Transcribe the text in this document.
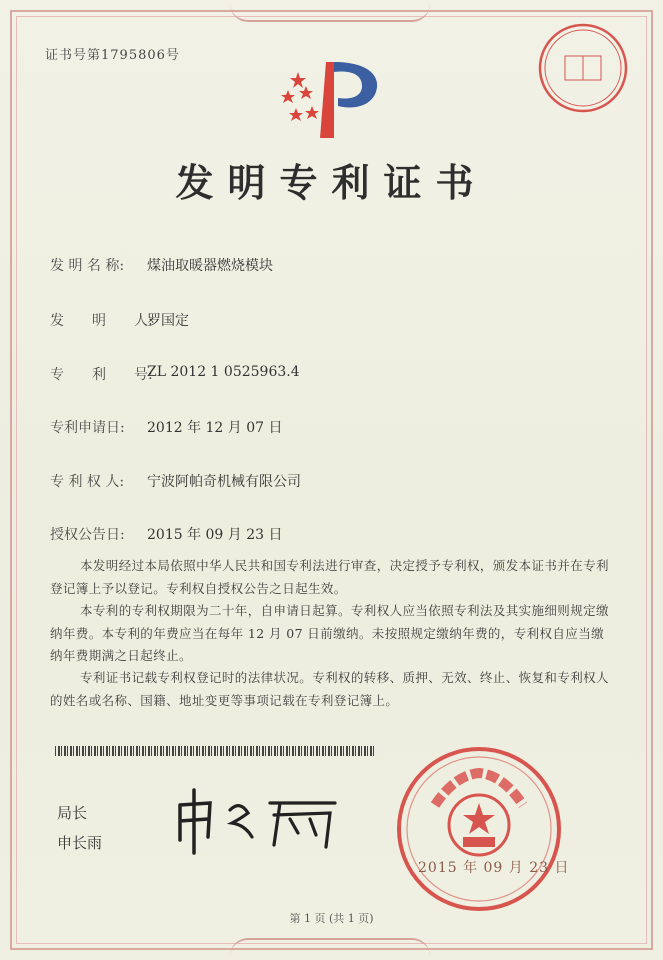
证书号第1795806号
发明专利证书
发 明 名 称: 煤油取暖器燃烧模块
发　　明　　人:
罗国定
专　　利　　号:
ZL 2012 1 0525963.4
专利申请日: 2012 年 12 月 07 日
专 利 权 人: 宁波阿帕奇机械有限公司
授权公告日: 2015 年 09 月 23 日
本发明经过本局依照中华人民共和国专利法进行审查，决定授予专利权，颁发本证书并在专利登记簿上予以登记。专利权自授权公告之日起生效。
本专利的专利权期限为二十年，自申请日起算。专利权人应当依照专利法及其实施细则规定缴纳年费。本专利的年费应当在每年 12 月 07 日前缴纳。未按照规定缴纳年费的，专利权自应当缴纳年费期满之日起终止。
专利证书记载专利权登记时的法律状况。专利权的转移、质押、无效、终止、恢复和专利权人的姓名或名称、国籍、地址变更等事项记载在专利登记簿上。
局长
申长雨
2015 年 09 月 23 日
第 1 页 (共 1 页)
